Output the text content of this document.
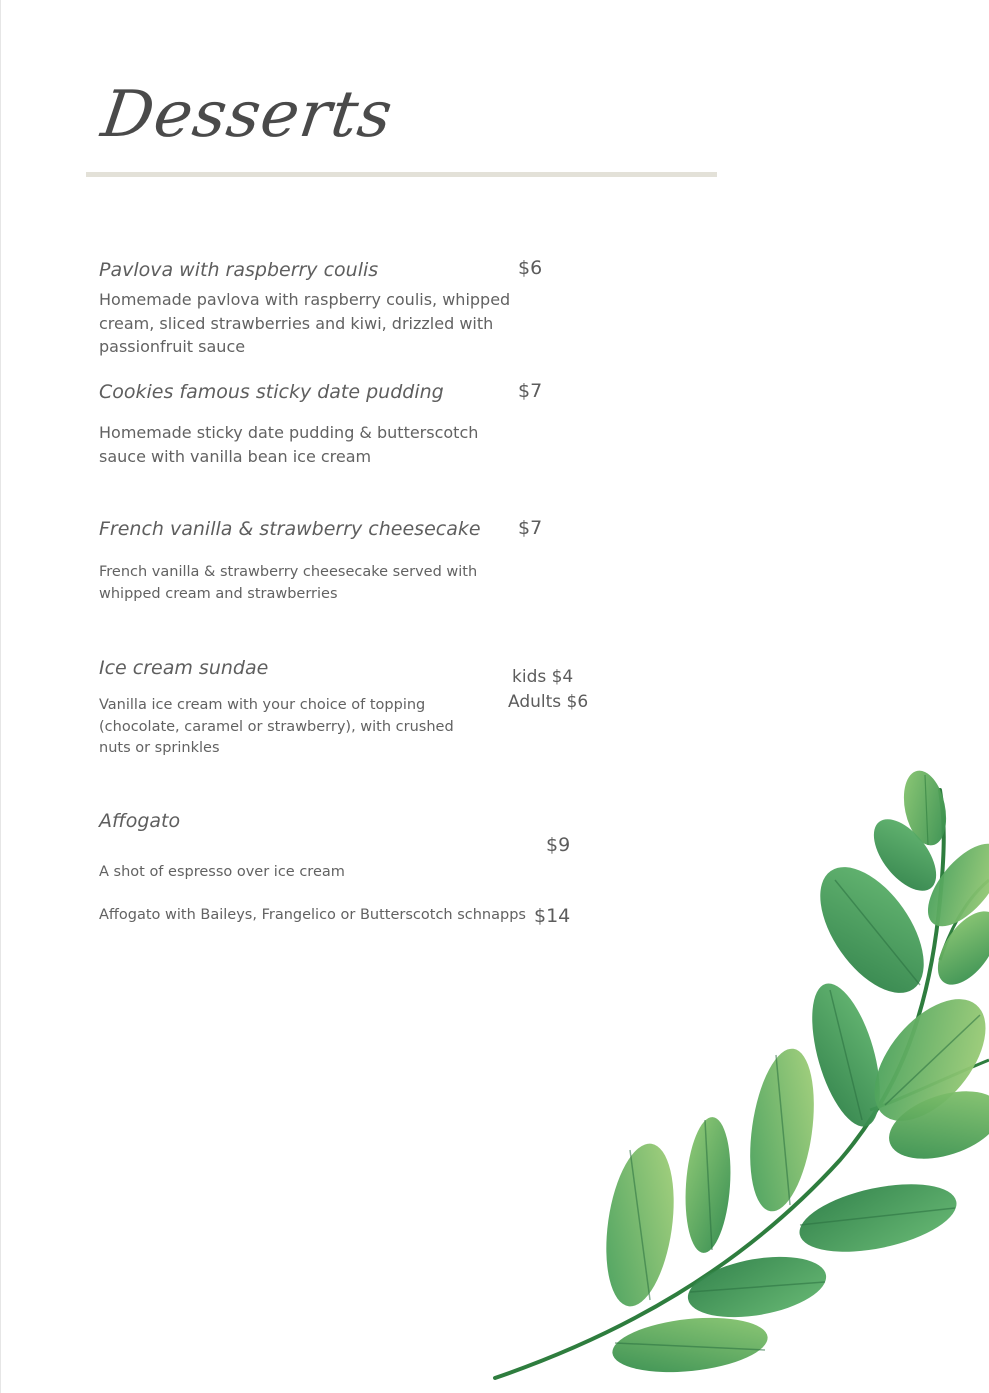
Desserts
Pavlova with raspberry coulis	$6
Homemade pavlova with raspberry coulis, whipped cream, sliced strawberries and kiwi, drizzled with passionfruit sauce
Cookies famous sticky date pudding	$7
Homemade sticky date pudding & butterscotch sauce with vanilla bean ice cream
French vanilla & strawberry cheesecake $7
French vanilla & strawberry cheesecake served with whipped cream and strawberries
Ice cream sundae	kids $4
Adults $6
Vanilla ice cream with your choice of topping (chocolate, caramel or strawberry), with crushed nuts or sprinkles
Affogato
$9
A shot of espresso over ice cream
Affogato with Baileys, Frangelico or Butterscotch schnapps $14
